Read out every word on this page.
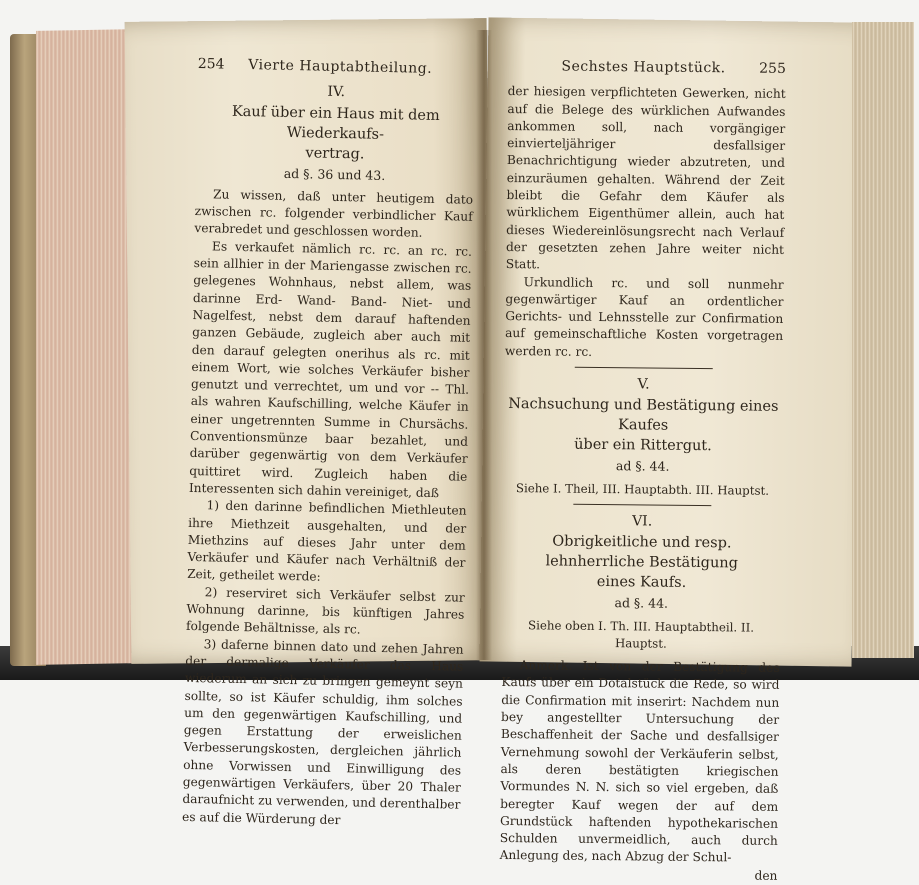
254 Vierte Hauptabtheilung.
IV.
Kauf über ein Haus mit dem Wiederkaufs-
vertrag.
ad §. 36 und 43.

Zu wissen, daß unter heutigem dato zwischen rc. folgender verbindlicher Kauf verabredet und geschlossen worden.

Es verkaufet nämlich rc. rc. an rc. rc. sein allhier in der Mariengasse zwischen rc. gelegenes Wohnhaus, nebst allem, was darinne Erd- Wand- Band- Niet- und Nagelfest, nebst dem darauf haftenden ganzen Gebäude, zugleich aber auch mit den darauf gelegten onerihus als rc. mit einem Wort, wie solches Verkäufer bisher genutzt und verrechtet, um und vor -- Thl. als wahren Kaufschilling, welche Käufer in einer ungetrennten Summe in Chursächs. Conventionsmünze baar bezahlet, und darüber gegenwärtig von dem Verkäufer quittiret wird. Zugleich haben die Interessenten sich dahin vereiniget, daß

1) den darinne befindlichen Miethleuten ihre Miethzeit ausgehalten, und der Miethzins auf dieses Jahr unter dem Verkäufer und Käufer nach Verhältniß der Zeit, getheilet werde:

2) reserviret sich Verkäufer selbst zur Wohnung darinne, bis künftigen Jahres folgende Behältnisse, als rc.

3) daferne binnen dato und zehen Jahren der dermalige Verkäufer das Haus wiederum an sich zu bringen gemeynt seyn sollte, so ist Käufer schuldig, ihm solches um den gegenwärtigen Kaufschilling, und gegen Erstattung der erweislichen Verbesserungskosten, dergleichen jährlich ohne Vorwissen und Einwilligung des gegenwärtigen Verkäufers, über 20 Thaler daraufnicht zu verwenden, und derenthalber es auf die Würderung der

Sechstes Hauptstück. 255

der hiesigen verpflichteten Gewerken, nicht auf die Belege des würklichen Aufwandes ankommen soll, nach vorgängiger einvierteljähriger desfallsiger Benachrichtigung wieder abzutreten, und einzuräumen gehalten. Während der Zeit bleibt die Gefahr dem Käufer als würklichem Eigenthümer allein, auch hat dieses Wiedereinlösungsrecht nach Verlauf der gesetzten zehen Jahre weiter nicht Statt.

Urkundlich rc. und soll nunmehr gegenwärtiger Kauf an ordentlicher Gerichts- und Lehnsstelle zur Confirmation auf gemeinschaftliche Kosten vorgetragen werden rc. rc.

V.
Nachsuchung und Bestätigung eines Kaufes
über ein Rittergut.
ad §. 44.
Siehe I. Theil, III. Hauptabth. III. Hauptst.
VI.
Obrigkeitliche und resp. lehnherrliche Bestätigung
eines Kaufs.
ad §. 44.
Siehe oben I. Th. III. Hauptabtheil. II. Hauptst.

Anmerk. Ist von der Bestätigung des Kaufs über ein Dotalstück die Rede, so wird die Confirmation mit inserirt: Nachdem nun bey angestellter Untersuchung der Beschaffenheit der Sache und desfallsiger Vernehmung sowohl der Verkäuferin selbst, als deren bestätigten kriegischen Vormundes N. N. sich so viel ergeben, daß beregter Kauf wegen der auf dem Grundstück haftenden hypothekarischen Schulden unvermeidlich, auch durch Anlegung des, nach Abzug der Schul-

den
